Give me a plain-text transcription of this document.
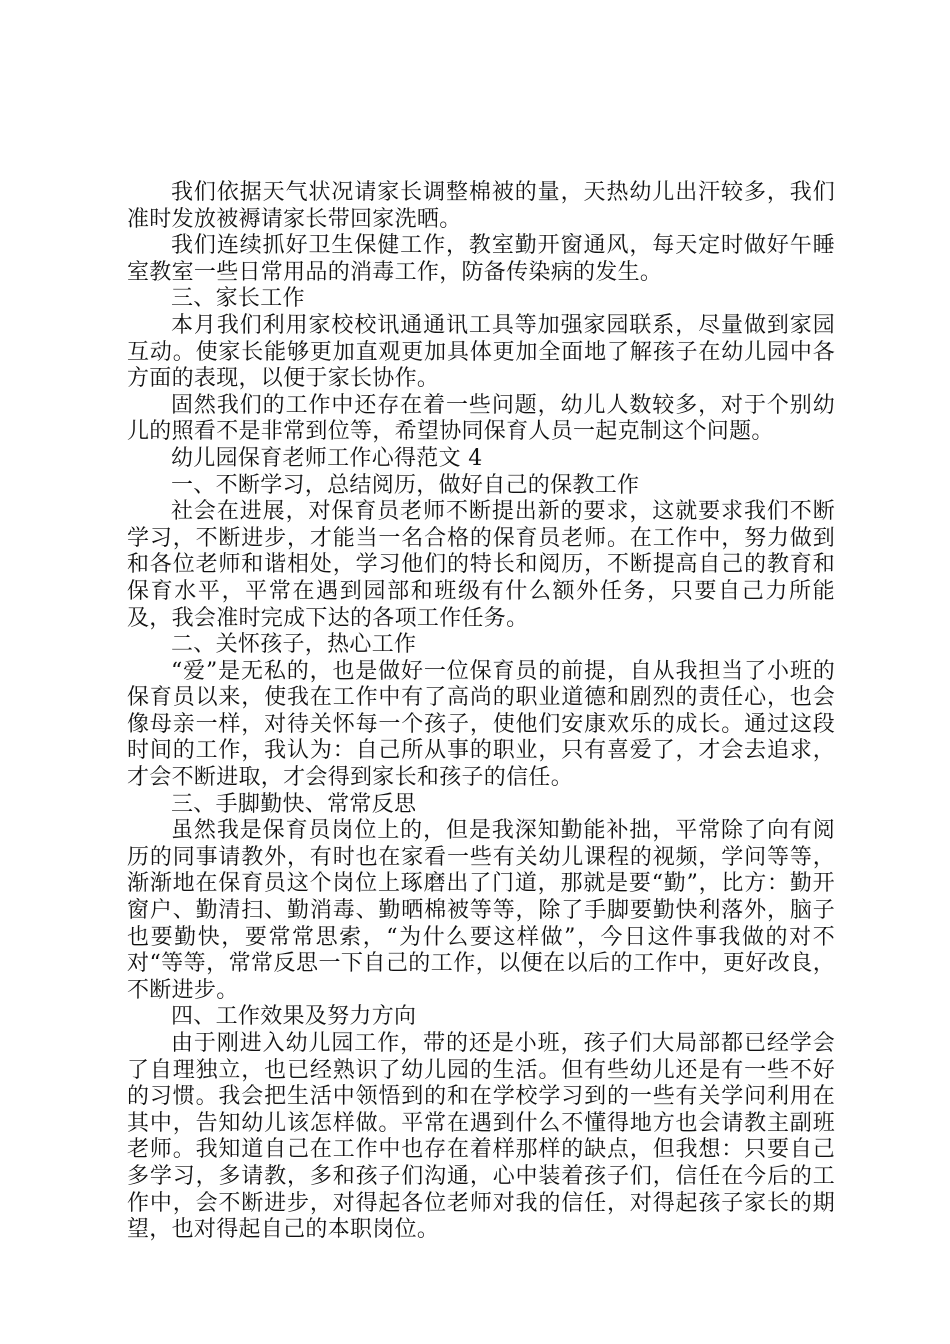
我们依据天气状况请家长调整棉被的量，天热幼儿出汗较多，我们准时发放被褥请家长带回家洗晒。

我们连续抓好卫生保健工作，教室勤开窗通风，每天定时做好午睡室教室一些日常用品的消毒工作，防备传染病的发生。

三、家长工作

本月我们利用家校校讯通通讯工具等加强家园联系，尽量做到家园互动。使家长能够更加直观更加具体更加全面地了解孩子在幼儿园中各方面的表现，以便于家长协作。

固然我们的工作中还存在着一些问题，幼儿人数较多，对于个别幼儿的照看不是非常到位等，希望协同保育人员一起克制这个问题。

幼儿园保育老师工作心得范文 4

一、不断学习，总结阅历，做好自己的保教工作

社会在进展，对保育员老师不断提出新的要求，这就要求我们不断学习，不断进步，才能当一名合格的保育员老师。在工作中，努力做到和各位老师和谐相处，学习他们的特长和阅历，不断提高自己的教育和保育水平，平常在遇到园部和班级有什么额外任务，只要自己力所能及，我会准时完成下达的各项工作任务。

二、关怀孩子，热心工作

“爱”是无私的，也是做好一位保育员的前提，自从我担当了小班的保育员以来，使我在工作中有了高尚的职业道德和剧烈的责任心，也会像母亲一样，对待关怀每一个孩子，使他们安康欢乐的成长。通过这段时间的工作，我认为：自己所从事的职业，只有喜爱了，才会去追求，才会不断进取，才会得到家长和孩子的信任。

三、手脚勤快、常常反思

虽然我是保育员岗位上的，但是我深知勤能补拙，平常除了向有阅历的同事请教外，有时也在家看一些有关幼儿课程的视频，学问等等，渐渐地在保育员这个岗位上琢磨出了门道，那就是要“勤”，比方：勤开窗户、勤清扫、勤消毒、勤晒棉被等等，除了手脚要勤快利落外，脑子也要勤快，要常常思索，“为什么要这样做”，今日这件事我做的对不对“等等，常常反思一下自己的工作，以便在以后的工作中，更好改良，不断进步。

四、工作效果及努力方向

由于刚进入幼儿园工作，带的还是小班，孩子们大局部都已经学会了自理独立，也已经熟识了幼儿园的生活。但有些幼儿还是有一些不好的习惯。我会把生活中领悟到的和在学校学习到的一些有关学问利用在其中，告知幼儿该怎样做。平常在遇到什么不懂得地方也会请教主副班老师。我知道自己在工作中也存在着样那样的缺点，但我想：只要自己多学习，多请教，多和孩子们沟通，心中装着孩子们，信任在今后的工作中，会不断进步，对得起各位老师对我的信任，对得起孩子家长的期望，也对得起自己的本职岗位。
